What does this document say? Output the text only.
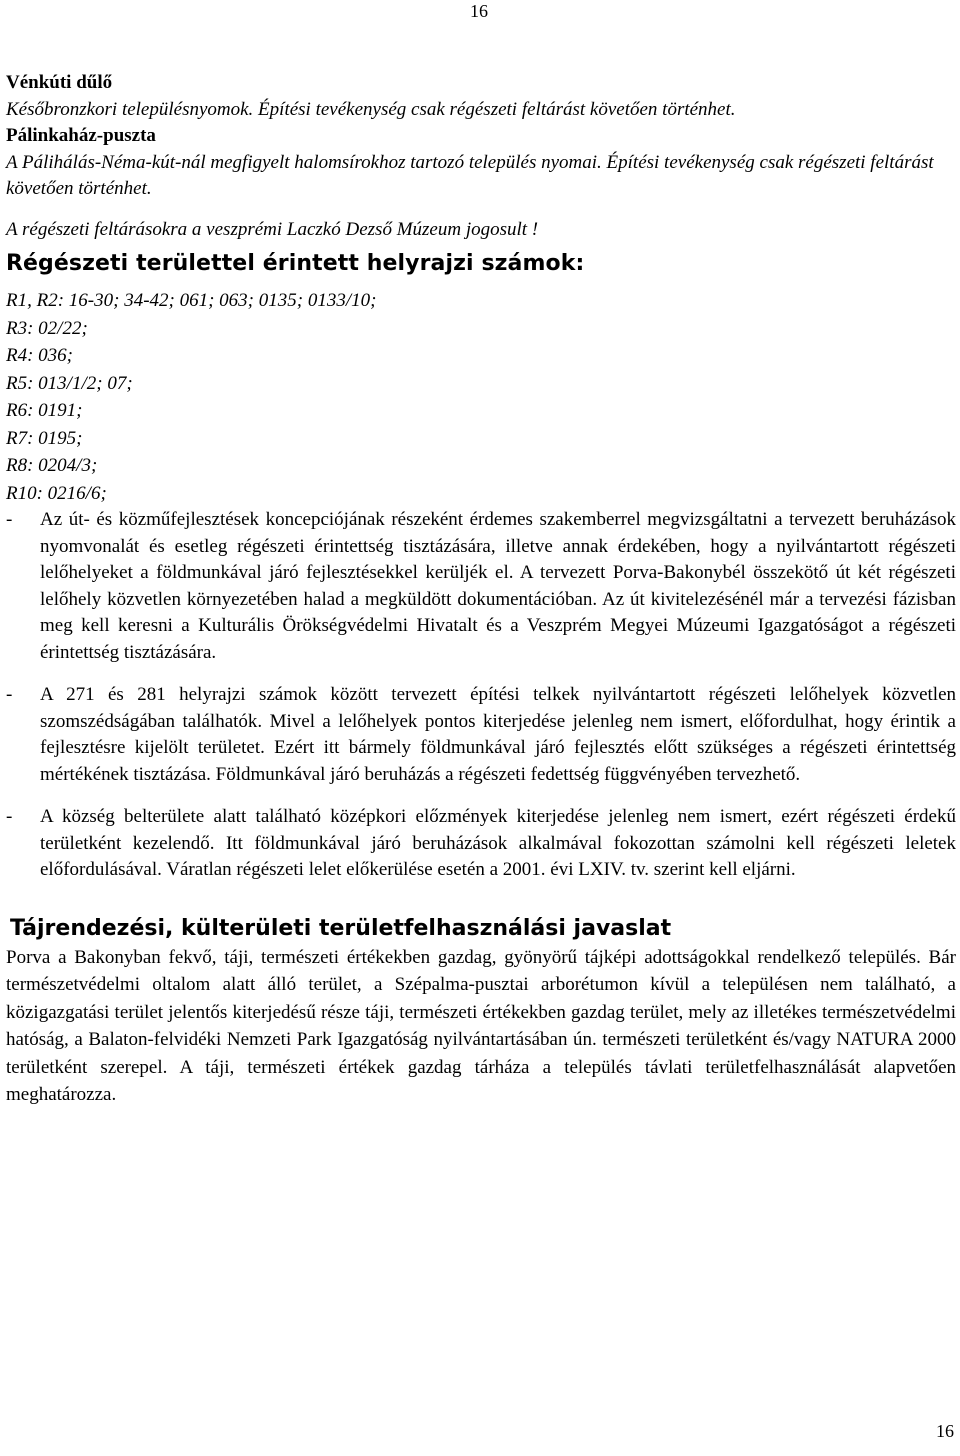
16
Vénkúti dűlő
Későbronzkori településnyomok. Építési tevékenység csak régészeti feltárást követően történhet.
Pálinkaház-puszta
A Pálihálás-Néma-kút-nál megfigyelt halomsírokhoz tartozó település nyomai. Építési tevékenység csak régészeti feltárást követően történhet.
A régészeti feltárásokra a veszprémi Laczkó Dezső Múzeum jogosult !
Régészeti területtel érintett helyrajzi számok:
R1, R2: 16-30; 34-42; 061; 063; 0135; 0133/10;
R3: 02/22;
R4: 036;
R5: 013/1/2; 07;
R6: 0191;
R7: 0195;
R8: 0204/3;
R10: 0216/6;
-	Az út- és közműfejlesztések koncepciójának részeként érdemes szakemberrel megvizsgáltatni a tervezett beruházások nyomvonalát és esetleg régészeti érintettség tisztázására, illetve annak érdekében, hogy a nyilvántartott régészeti lelőhelyeket a földmunkával járó fejlesztésekkel kerüljék el. A tervezett Porva-Bakonybél összekötő út két régészeti lelőhely közvetlen környezetében halad a megküldött dokumentációban. Az út kivitelezésénél már a tervezési fázisban meg kell keresni a Kulturális Örökségvédelmi Hivatalt és a Veszprém Megyei Múzeumi Igazgatóságot a régészeti érintettség tisztázására.
-	A 271 és 281 helyrajzi számok között tervezett építési telkek nyilvántartott régészeti lelőhelyek közvetlen szomszédságában találhatók. Mivel a lelőhelyek pontos kiterjedése jelenleg nem ismert, előfordulhat, hogy érintik a fejlesztésre kijelölt területet. Ezért itt bármely földmunkával járó fejlesztés előtt szükséges a régészeti érintettség mértékének tisztázása. Földmunkával járó beruházás a régészeti fedettség függvényében tervezhető.
-	A község belterülete alatt található középkori előzmények kiterjedése jelenleg nem ismert, ezért régészeti érdekű területként kezelendő. Itt földmunkával járó beruházások alkalmával fokozottan számolni kell régészeti leletek előfordulásával. Váratlan régészeti lelet előkerülése esetén a 2001. évi LXIV. tv. szerint kell eljárni.
Tájrendezési, külterületi területfelhasználási javaslat
Porva a Bakonyban fekvő, tájі, természeti értékekben gazdag, gyönyörű tájképi adottságokkal rendelkező település. Bár természetvédelmi oltalom alatt álló terület, a Szépalma-pusztai arborétumon kívül a településen nem található, a közigazgatási terület jelentős kiterjedésű része táji, természeti értékekben gazdag terület, mely az illetékes természetvédelmi hatóság, a Balaton-felvidéki Nemzeti Park Igazgatóság nyilvántartásában ún. természeti területként és/vagy NATURA 2000 területként szerepel. A táji, természeti értékek gazdag tárháza a település távlati területfelhasználását alapvetően meghatározza.
16
